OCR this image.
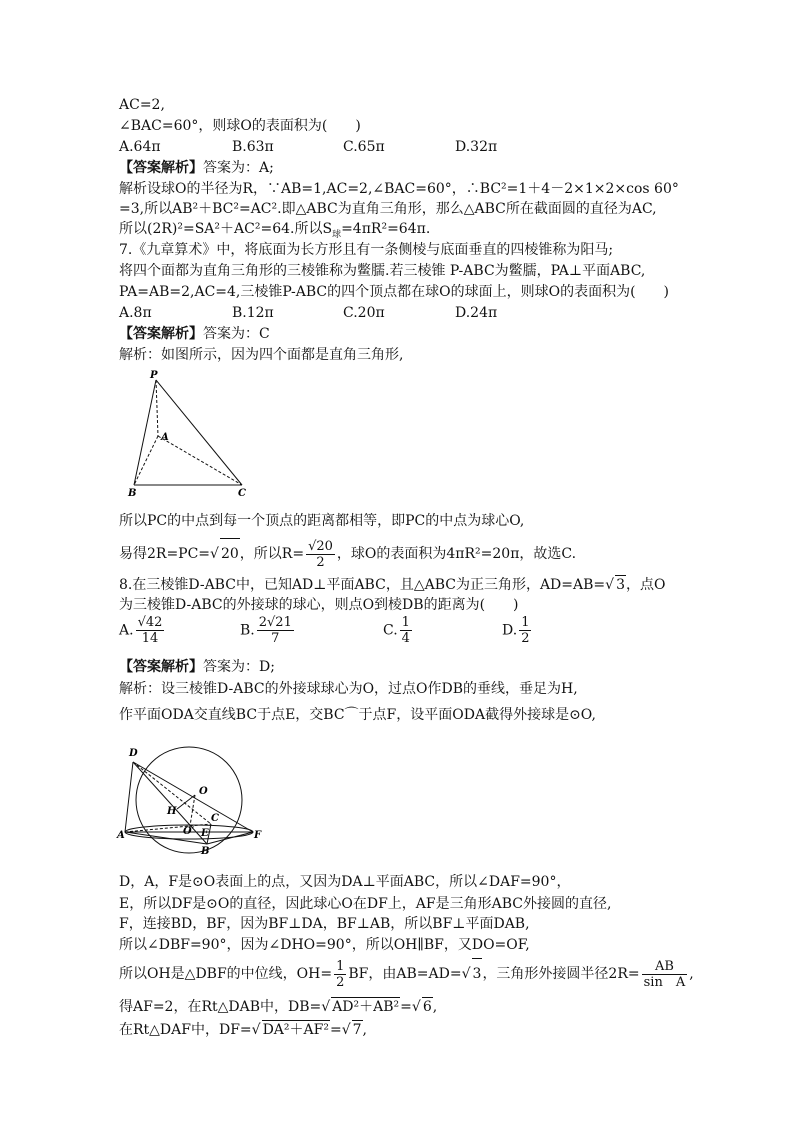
AC=2,
∠BAC=60°，则球O的表面积为(　　)
A.64π	B.63π	C.65π	D.32π
【答案解析】答案为：A;
解析设球O的半径为R，∵AB=1,AC=2,∠BAC=60°，∴BC²=1＋4－2×1×2×cos 60°
=3,所以AB²＋BC²=AC².即△ABC为直角三角形，那么△ABC所在截面圆的直径为AC,
所以(2R)²=SA²＋AC²=64.所以$S_球=4\pi R^2=64\pi$.
7.《九章算术》中，将底面为长方形且有一条侧棱与底面垂直的四棱锥称为阳马;
将四个面都为直角三角形的三棱锥称为鳖臑.若三棱锥 P-ABC为鳖臑，PA⊥平面ABC,
PA=AB=2,AC=4,三棱锥P-ABC的四个顶点都在球O的球面上，则球O的表面积为(　　)
A.8π	B.12π	C.20π	D.24π
【答案解析】答案为：C
解析：如图所示，因为四个面都是直角三角形,
P
A
B	C
所以PC的中点到每一个顶点的距离都相等，即PC的中点为球心O,
易得2R=PC=√ 20，所以$R= \frac{√20}{2}$ ，球O的表面积为4πR²=20π，故选C.
8.在三棱锥D-ABC中，已知AD⊥平面ABC，且△ABC为正三角形，AD=AB=√ 3，点O
为三棱锥D-ABC的外接球的球心，则点O到棱DB的距离为(　　)
A. $\frac{√42}{14}$	B. $\frac{2√21}{7}$	C. $\frac{1}{4}$	D. $\frac{1}{2}$
【答案解析】答案为：D;
解析：设三棱锥D-ABC的外接球球心为O，过点O作DB的垂线，垂足为H,
作平面ODA交直线BC于点E，交BC⌒于点F，设平面ODA截得外接球是⊙O,
D
O
H
C
A	O′ E	F
B
D，A，F是⊙O表面上的点，又因为DA⊥平面ABC，所以∠DAF=90°，
E，所以DF是⊙O的直径，因此球心O在DF上，AF是三角形ABC外接圆的直径,
F，连接BD，BF，因为BF⊥DA，BF⊥AB，所以BF⊥平面DAB,
所以∠DBF=90°，因为∠DHO=90°，所以OH∥BF，又DO=OF,
所以OH是△DBF的中位线，$OH= \frac{1}{2}$ BF，由AB=AD=√ 3，三角形外接圆半径$2R= \frac{AB}{\text{sin　A}}$ ,
得AF=2，在Rt△DAB中，DB=√ AD²＋AB²=√ 6,
在Rt△DAF中，DF=√ DA²＋AF²=√ 7,
